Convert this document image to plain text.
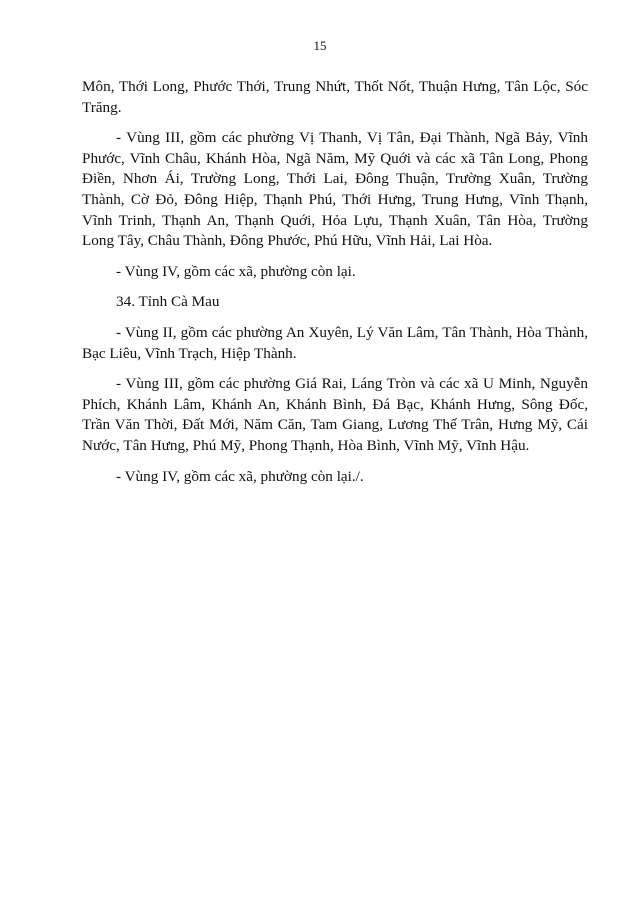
15

Môn, Thới Long, Phước Thới, Trung Nhứt, Thốt Nốt, Thuận Hưng, Tân Lộc, Sóc Trăng.

- Vùng III, gồm các phường Vị Thanh, Vị Tân, Đại Thành, Ngã Bảy, Vĩnh Phước, Vĩnh Châu, Khánh Hòa, Ngã Năm, Mỹ Quới và các xã Tân Long, Phong Điền, Nhơn Ái, Trường Long, Thới Lai, Đông Thuận, Trường Xuân, Trường Thành, Cờ Đỏ, Đông Hiệp, Thạnh Phú, Thới Hưng, Trung Hưng, Vĩnh Thạnh, Vĩnh Trinh, Thạnh An, Thạnh Quới, Hỏa Lựu, Thạnh Xuân, Tân Hòa, Trường Long Tây, Châu Thành, Đông Phước, Phú Hữu, Vĩnh Hải, Lai Hòa.

- Vùng IV, gồm các xã, phường còn lại.

34. Tỉnh Cà Mau

- Vùng II, gồm các phường An Xuyên, Lý Văn Lâm, Tân Thành, Hòa Thành, Bạc Liêu, Vĩnh Trạch, Hiệp Thành.

- Vùng III, gồm các phường Giá Rai, Láng Tròn và các xã U Minh, Nguyễn Phích, Khánh Lâm, Khánh An, Khánh Bình, Đá Bạc, Khánh Hưng, Sông Đốc, Trần Văn Thời, Đất Mới, Năm Căn, Tam Giang, Lương Thế Trân, Hưng Mỹ, Cái Nước, Tân Hưng, Phú Mỹ, Phong Thạnh, Hòa Bình, Vĩnh Mỹ, Vĩnh Hậu.

- Vùng IV, gồm các xã, phường còn lại./.
